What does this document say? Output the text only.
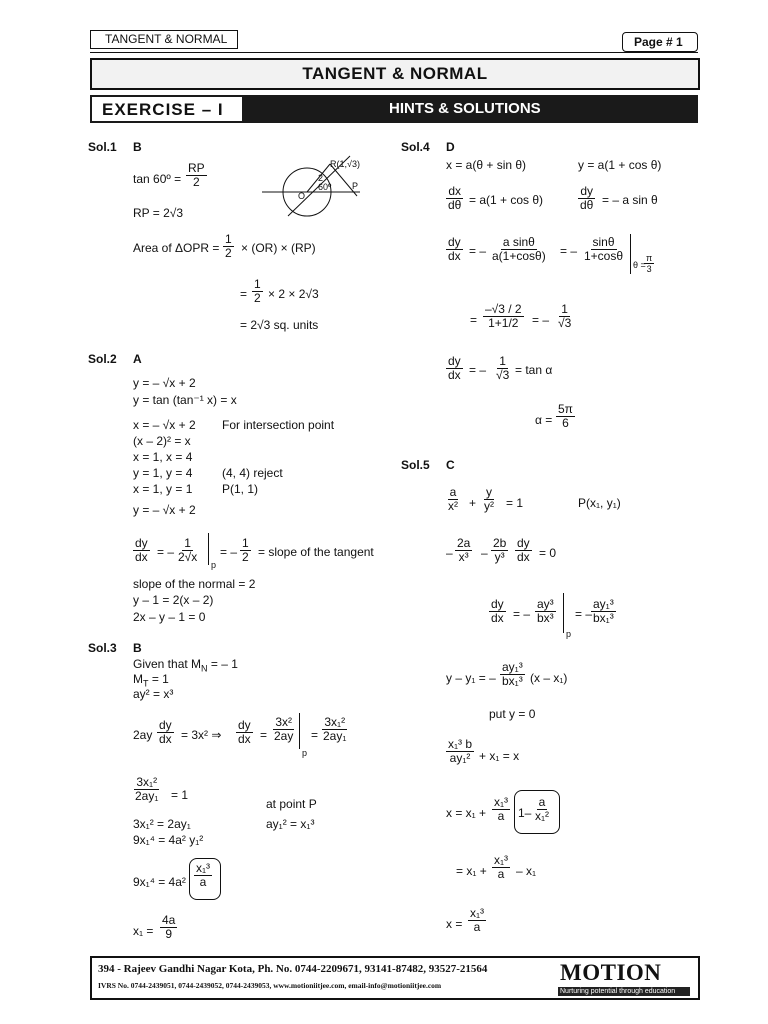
TANGENT & NORMAL	Page # 1
TANGENT & NORMAL
EXERCISE – I	HINTS & SOLUTIONS
Sol.1 B
tan 60º = $\frac{RP}{2}$
RP = 2√3
Area of $\Delta OPR = \frac{1}{2} \times (OR) \times (RP)$
= $\frac{1}{2} \times 2 \times 2√3$
= 2√3 sq. units
R(1,√3)
2
60º
O
P
Sol.2 A
y = – √x + 2
y = tan (tan⁻¹ x) = x
x = – √x + 2 For intersection point
(x – 2)² = x
x = 1, x = 4
y = 1, y = 4 (4, 4) reject
x = 1, y = 1 P(1, 1)
y = – √x + 2
$\frac{dy}{dx}$ = – $\frac{1}{2√x}$
p
= – $\frac{1}{2}$ = slope of the tangent
slope of the normal = 2
y – 1 = 2(x – 2)
2x – y – 1 = 0
Sol.3 B
Given that $M_N$ = – 1
$M_T = 1$
ay² = x³
$2ay \frac{dy}{dx} = 3x^2$ ⇒ $\frac{dy}{dx} = \frac{\text{3x²}}{2ay}$
p
= $\frac{\text{3x₁²}}{\text{2ay₁}}$
$\frac{\text{3x₁²}}{\text{2ay₁}} = 1$
at point P
3x₁² = 2ay₁	ay₁² = x₁³
9x₁⁴ = 4a² y₁²
$9x_1^4 = 4a^2 \frac{\text{x₁³}}{a}$
$x_1 = \frac{4a}{9}$
Sol.4 D
x = a(θ + sin θ)	y = a(1 + cos θ)
$\frac{dx}{d\theta} = a(1 + \cos \theta)$	$\frac{dy}{d\theta}$ = – a sin θ
$\frac{dy}{dx}$ = – $\frac{\text{a sinθ}}{a(1+\cos\theta)}$ = – $\frac{\sin\theta}{1+\cos\theta}$
θ =
$\frac{\pi}{3}$
= $\frac{-√3 / 2}{1+1/2}$ = – $\frac{1}{√3}$
$\frac{dy}{dx}$ = – $\frac{1}{√3} = \tan \alpha$
$\alpha = \frac{5\pi}{6}$
Sol.5 C
$\frac{a}{\text{x²}} + \frac{y}{\text{y²}} = 1$	P(x₁, y₁)
– $\frac{2a}{\text{x³}} - \frac{2b}{\text{y³}} \frac{dy}{dx} = 0$
$\frac{dy}{dx}$ = – $\frac{\text{ay³}}{\text{bx³}}$
p
= –
$\frac{\text{ay₁³}}{\text{bx₁³}}$
y – y₁ = – $\frac{\text{ay₁³}}{\text{bx₁³}} (x - x_1)$
put y = 0
$\frac{\text{x₁³ b}}{\text{ay₁²}} + x_1 = x$
$x = x_1 + \frac{\text{x₁³}}{a} 1- \frac{a}{\text{x₁²}}$
= $x_1 + \frac{\text{x₁³}}{a} - x_1$
$x = \frac{\text{x₁³}}{a}$
394 - Rajeev Gandhi Nagar Kota, Ph. No. 0744-2209671, 93141-87482, 93527-21564
IVRS No. 0744-2439051, 0744-2439052, 0744-2439053, www.motioniitjee.com, email-info@motioniitjee.com
MOTION
Nurturing potential through education
